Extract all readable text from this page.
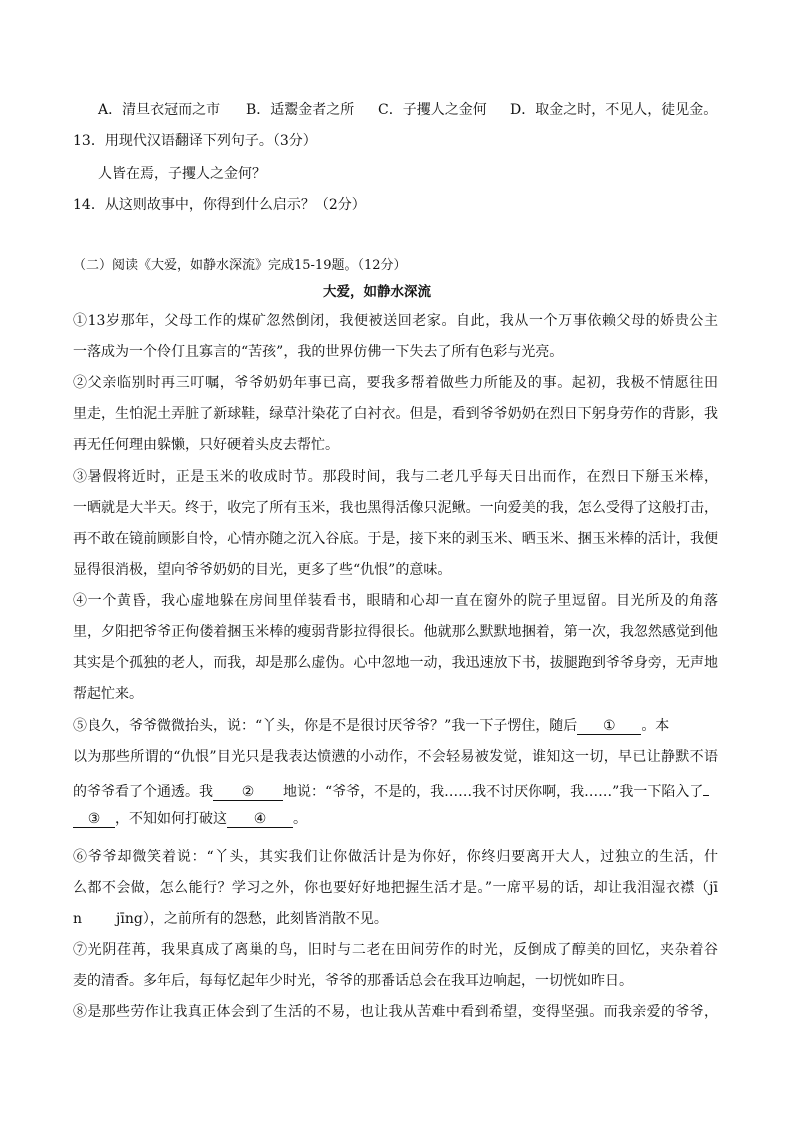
A．清旦衣冠而之市 B．适鬻金者之所 C．子攫人之金何 D．取金之时，不见人，徒见金。
13．用现代汉语翻译下列句子。（3分）
人皆在焉，子攫人之金何？
14．从这则故事中，你得到什么启示？（2分）
（二）阅读《大爱，如静水深流》完成15-19题。（12分）
大爱，如静水深流
①13岁那年，父母工作的煤矿忽然倒闭，我便被送回老家。自此，我从一个万事依赖父母的娇贵公主
一落成为一个伶仃且寡言的“苦孩”，我的世界仿佛一下失去了所有色彩与光亮。
②父亲临别时再三叮嘱，爷爷奶奶年事已高，要我多帮着做些力所能及的事。起初，我极不情愿往田
里走，生怕泥土弄脏了新球鞋，绿草汁染花了白衬衣。但是，看到爷爷奶奶在烈日下躬身劳作的背影，我
再无任何理由躲懒，只好硬着头皮去帮忙。
③暑假将近时，正是玉米的收成时节。那段时间，我与二老几乎每天日出而作，在烈日下掰玉米棒，
一晒就是大半天。终于，收完了所有玉米，我也黑得活像只泥鳅。一向爱美的我，怎么受得了这般打击，
再不敢在镜前顾影自怜，心情亦随之沉入谷底。于是，接下来的剥玉米、晒玉米、捆玉米棒的活计，我便
显得很消极，望向爷爷奶奶的目光，更多了些“仇恨”的意味。
④一个黄昏，我心虚地躲在房间里佯装看书，眼睛和心却一直在窗外的院子里逗留。目光所及的角落
里，夕阳把爷爷正佝偻着捆玉米棒的瘦弱背影拉得很长。他就那么默默地捆着，第一次，我忽然感觉到他
其实是个孤独的老人，而我，却是那么虚伪。心中忽地一动，我迅速放下书，拔腿跑到爷爷身旁，无声地
帮起忙来。
⑤良久，爷爷微微抬头，说：“丫头，你是不是很讨厌爷爷？”我一下子愣住，随后 ① 。本
以为那些所谓的“仇恨”目光只是我表达愤懑的小动作，不会轻易被发觉，谁知这一切，早已让静默不语
的爷爷看了个通透。我 ② 地说：“爷爷，不是的，我……我不讨厌你啊，我……”我一下陷入了
③ ，不知如何打破这 ④ 。
⑥爷爷却微笑着说：“丫头，其实我们让你做活计是为你好，你终归要离开大人，过独立的生活，什
么都不会做，怎么能行？学习之外，你也要好好地把握生活才是。”一席平易的话，却让我泪湿衣襟（jī
n jīng），之前所有的怨愁，此刻皆消散不见。
⑦光阴荏苒，我果真成了离巢的鸟，旧时与二老在田间劳作的时光，反倒成了醇美的回忆，夹杂着谷
麦的清香。多年后，每每忆起年少时光，爷爷的那番话总会在我耳边响起，一切恍如昨日。
⑧是那些劳作让我真正体会到了生活的不易，也让我从苦难中看到希望，变得坚强。而我亲爱的爷爷，
